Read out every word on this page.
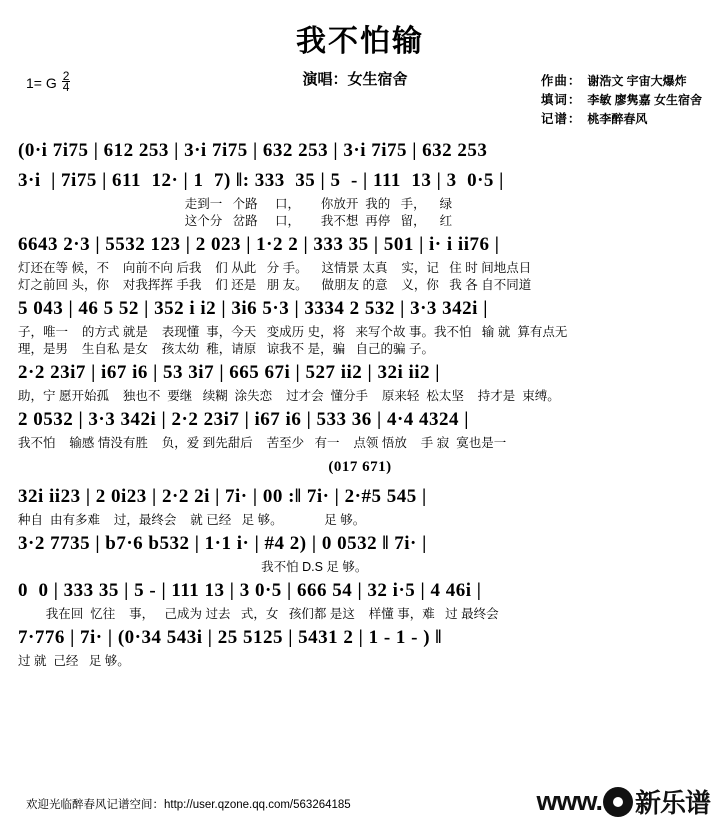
我不怕输
演唱：女生宿舍
1= G $\frac{2}{4}$	作曲： 谢浩文 宇宙大爆炸
填词： 李敏 廖隽嘉 女生宿舍
记谱： 桃李醉春风
(0·i 7i75 | 612 253 | 3·i 7i75 | 632 253 | 3·i 7i75 | 632 253
3·i  | 7i75 | 611  12· | 1  7) ‖: 333  35 | 5  - | 111  13 | 3  0·5 |
走到一   个路     口，      你放开  我的   手，    绿
这个分   岔路     口，      我不想  再停   留，    红
6643 2·3 | 5532 123 | 2 023 | 1·2 2 | 333 35 | 501 | i· i ii76 |
灯还在等 候，不    向前不向 后我    们 从此   分 手。    这情景 太真    实，记   住 时 间地点日
灯之前回 头，你    对我挥挥 手我    们 还是   朋 友。    做朋友 的意    义，你   我 各 自不同道
5 043 | 46 5 52 | 352 i i2 | 3i6 5·3 | 3334 2 532 | 3·3 342i |
子，唯一    的方式 就是    表现懂  事，今天   变成历 史，将   来写个故 事。我不怕   输 就  算有点无
理，是男    生自私 是女    孩太幼  稚，请原   谅我不 是，骗   自己的骗 子。
2·2 23i7 | i67 i6 | 53 3i7 | 665 67i | 527 ii2 | 32i ii2 |
助，宁 愿开始孤    独也不  要继   续糊  涂失恋    过才会  懂分手    原来轻  松太坚    持才是  束缚。
2 0532 | 3·3 342i | 2·2 23i7 | i67 i6 | 533 36 | 4·4 4324 |
我不怕    输感 情没有胜    负，爱 到先甜后    苦至少   有一    点领 悟放    手 寂  寞也是一
(017 671)
32i ii23 | 2 0i23 | 2·2 2i | 7i· | 00 :‖ 7i· | 2·#5 545 |
种自  由有多难    过，最终会    就 已经   足 够。            足 够。
3·2 7735 | b7·6 b532 | 1·1 i· | #4 2) | 0 0532 ‖ 7i· |
我不怕 D.S 足 够。
0  0 | 333 35 | 5 - | 111 13 | 3 0·5 | 666 54 | 32 i·5 | 4 46i |
我在回  忆往    事，   己成为 过去   式，女   孩们都 是这    样懂 事，难   过 最终会
7·776 | 7i· | (0·34 543i | 25 5125 | 5431 2 | 1 - 1 - ) ‖
过 就  己经   足 够。
欢迎光临醉春风记谱空间：http://user.qzone.qq.com/563264185	www. 新乐谱
